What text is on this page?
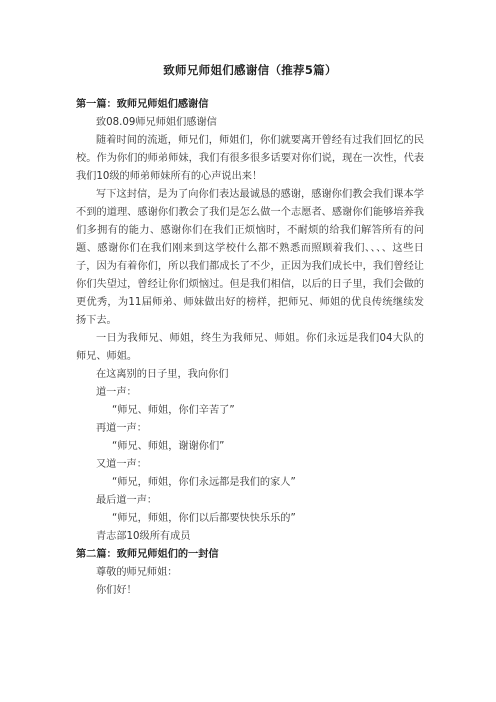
致师兄师姐们感谢信（推荐5篇）
第一篇：致师兄师姐们感谢信

致08.09师兄师姐们感谢信

随着时间的流逝，师兄们，师姐们，你们就要离开曾经有过我们回忆的民校。作为你们的师弟师妹，我们有很多很多话要对你们说，现在一次性，代表我们10级的师弟师妹所有的心声说出来！

写下这封信，是为了向你们表达最诚恳的感谢，感谢你们教会我们课本学不到的道理、感谢你们教会了我们是怎么做一个志愿者、感谢你们能够培养我们多拥有的能力、感谢你们在我们正烦恼时，不耐烦的给我们解答所有的问题、感谢你们在我们刚来到这学校什么都不熟悉而照顾着我们、、、、这些日子，因为有着你们，所以我们都成长了不少，正因为我们成长中，我们曾经让你们失望过，曾经让你们烦恼过。但是我们相信，以后的日子里，我们会做的更优秀，为11届师弟、师妹做出好的榜样，把师兄、师姐的优良传统继续发扬下去。

一日为我师兄、师姐，终生为我师兄、师姐。你们永远是我们04大队的师兄、师姐。

在这离别的日子里，我向你们

道一声：

“师兄、师姐，你们辛苦了”

再道一声：

“师兄、师姐，谢谢你们”

又道一声：

“师兄，师姐，你们永远都是我们的家人”

最后道一声：

“师兄，师姐，你们以后都要快快乐乐的”

青志部10级所有成员

第二篇：致师兄师姐们的一封信

尊敬的师兄师姐：

你们好！
